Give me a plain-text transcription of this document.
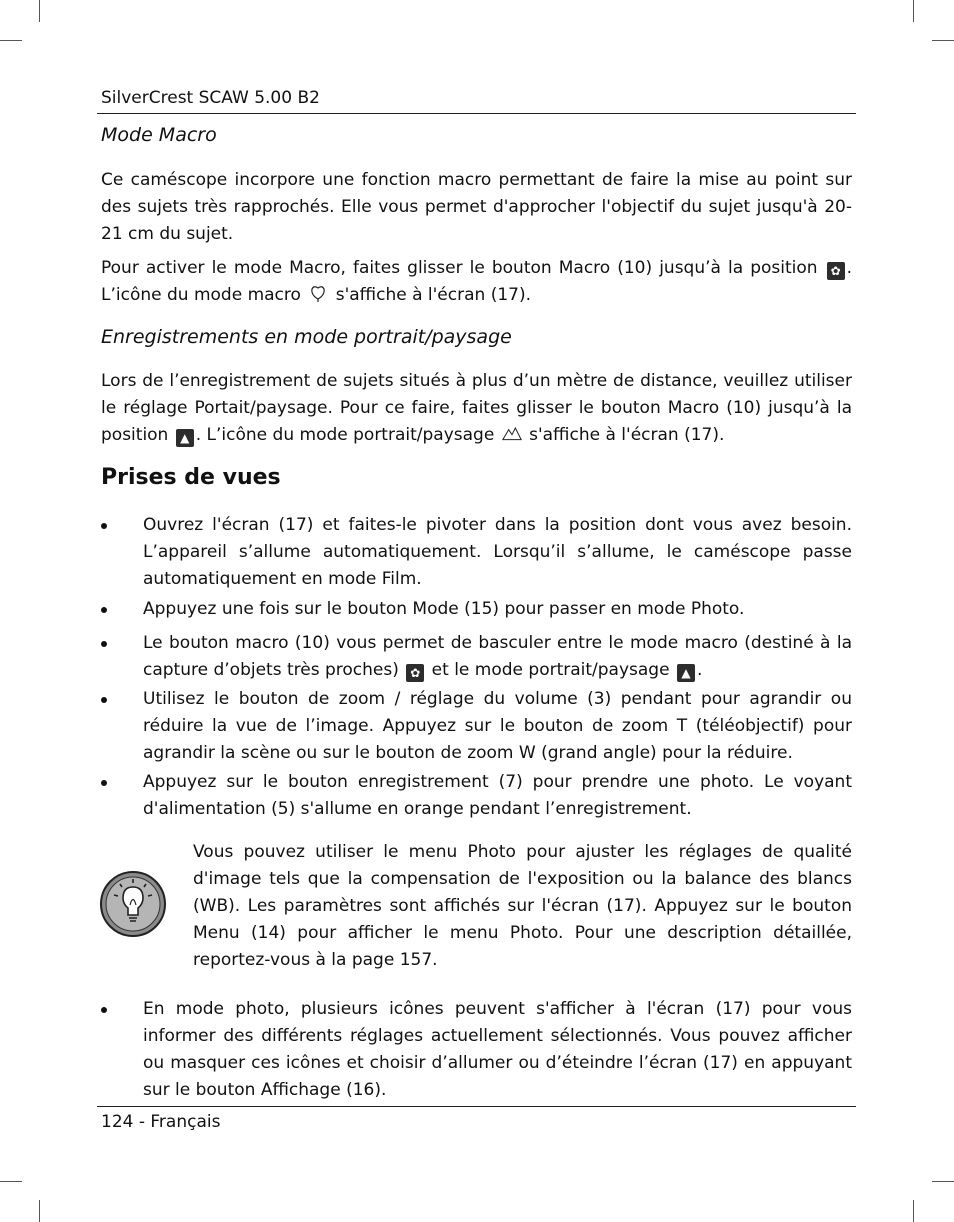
SilverCrest SCAW 5.00 B2
Mode Macro

Ce caméscope incorpore une fonction macro permettant de faire la mise au point sur des sujets très rapprochés. Elle vous permet d'approcher l'objectif du sujet jusqu'à 20-21 cm du sujet.

Pour activer le mode Macro, faites glisser le bouton Macro (10) jusqu’à la position ✿ . L’icône du mode macro  s'affiche à l'écran (17).

Enregistrements en mode portrait/paysage

Lors de l’enregistrement de sujets situés à plus d’un mètre de distance, veuillez utiliser le réglage Portait/paysage. Pour ce faire, faites glisser le bouton Macro (10) jusqu’à la position ▲ . L’icône du mode portrait/paysage  s'affiche à l'écran (17).

Prises de vues
Ouvrez l'écran (17) et faites-le pivoter dans la position dont vous avez besoin. L’appareil s’allume automatiquement. Lorsqu’il s’allume, le caméscope passe automatiquement en mode Film.
Appuyez une fois sur le bouton Mode (15) pour passer en mode Photo.
Le bouton macro (10) vous permet de basculer entre le mode macro (destiné à la capture d’objets très proches) ✿ et le mode portrait/paysage ▲ .
Utilisez le bouton de zoom / réglage du volume (3) pendant pour agrandir ou réduire la vue de l’image. Appuyez sur le bouton de zoom T (téléobjectif) pour agrandir la scène ou sur le bouton de zoom W (grand angle) pour la réduire.
Appuyez sur le bouton enregistrement (7) pour prendre une photo. Le voyant d'alimentation (5) s'allume en orange pendant l’enregistrement.
Vous pouvez utiliser le menu Photo pour ajuster les réglages de qualité d'image tels que la compensation de l'exposition ou la balance des blancs (WB). Les paramètres sont affichés sur l'écran (17). Appuyez sur le bouton Menu (14) pour afficher le menu Photo. Pour une description détaillée, reportez-vous à la page 157.
En mode photo, plusieurs icônes peuvent s'afficher à l'écran (17) pour vous informer des différents réglages actuellement sélectionnés. Vous pouvez afficher ou masquer ces icônes et choisir d’allumer ou d’éteindre l’écran (17) en appuyant sur le bouton Affichage (16).
124 - Français
